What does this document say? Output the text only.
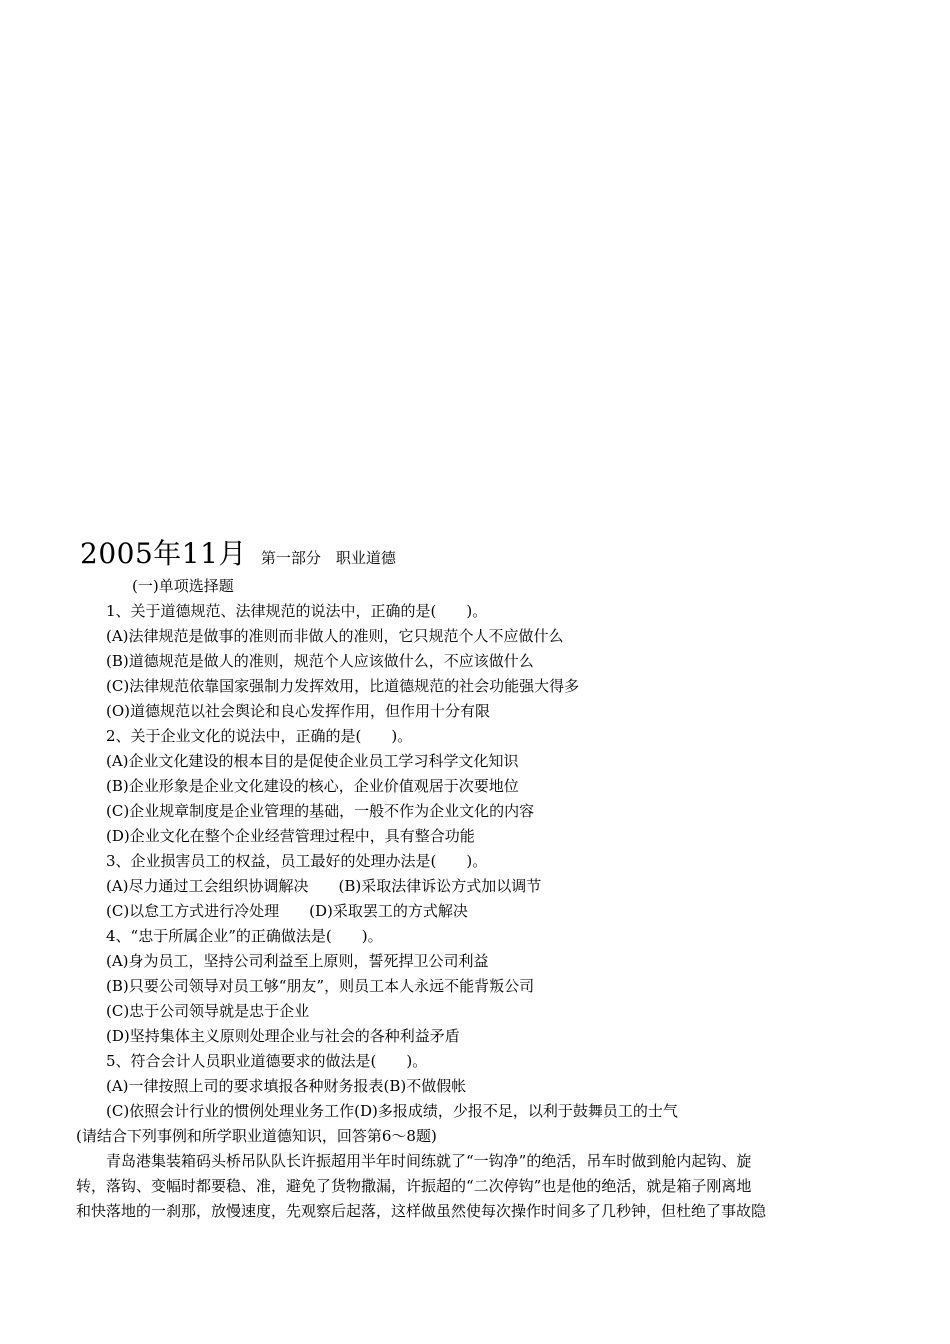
2005年11月 第一部分　职业道德
(一)单项选择题
1、关于道德规范、法律规范的说法中，正确的是(　　)。
(A)法律规范是做事的准则而非做人的准则，它只规范个人不应做什么
(B)道德规范是做人的准则，规范个人应该做什么，不应该做什么
(C)法律规范依靠国家强制力发挥效用，比道德规范的社会功能强大得多
(O)道德规范以社会舆论和良心发挥作用，但作用十分有限
2、关于企业文化的说法中，正确的是(　　)。
(A)企业文化建设的根本目的是促使企业员工学习科学文化知识
(B)企业形象是企业文化建设的核心，企业价值观居于次要地位
(C)企业规章制度是企业管理的基础，一般不作为企业文化的内容
(D)企业文化在整个企业经营管理过程中，具有整合功能
3、企业损害员工的权益，员工最好的处理办法是(　　)。
(A)尽力通过工会组织协调解决　　(B)采取法律诉讼方式加以调节
(C)以怠工方式进行冷处理　　(D)采取罢工的方式解决
4、“忠于所属企业”的正确做法是(　　)。
(A)身为员工，坚持公司利益至上原则，誓死捍卫公司利益
(B)只要公司领导对员工够“朋友”，则员工本人永远不能背叛公司
(C)忠于公司领导就是忠于企业
(D)坚持集体主义原则处理企业与社会的各种利益矛盾
5、符合会计人员职业道德要求的做法是(　　)。
(A)一律按照上司的要求填报各种财务报表(B)不做假帐
(C)依照会计行业的惯例处理业务工作(D)多报成绩，少报不足，以利于鼓舞员工的士气
(请结合下列事例和所学职业道德知识，回答第6～8题)

　　青岛港集装箱码头桥吊队队长许振超用半年时间练就了“一钩净”的绝活，吊车时做到舱内起钩、旋

转，落钩、变幅时都要稳、准，避免了货物撒漏，许振超的“二次停钩”也是他的绝活，就是箱子刚离地

和快落地的一刹那，放慢速度，先观察后起落，这样做虽然使每次操作时间多了几秒钟，但杜绝了事故隐
